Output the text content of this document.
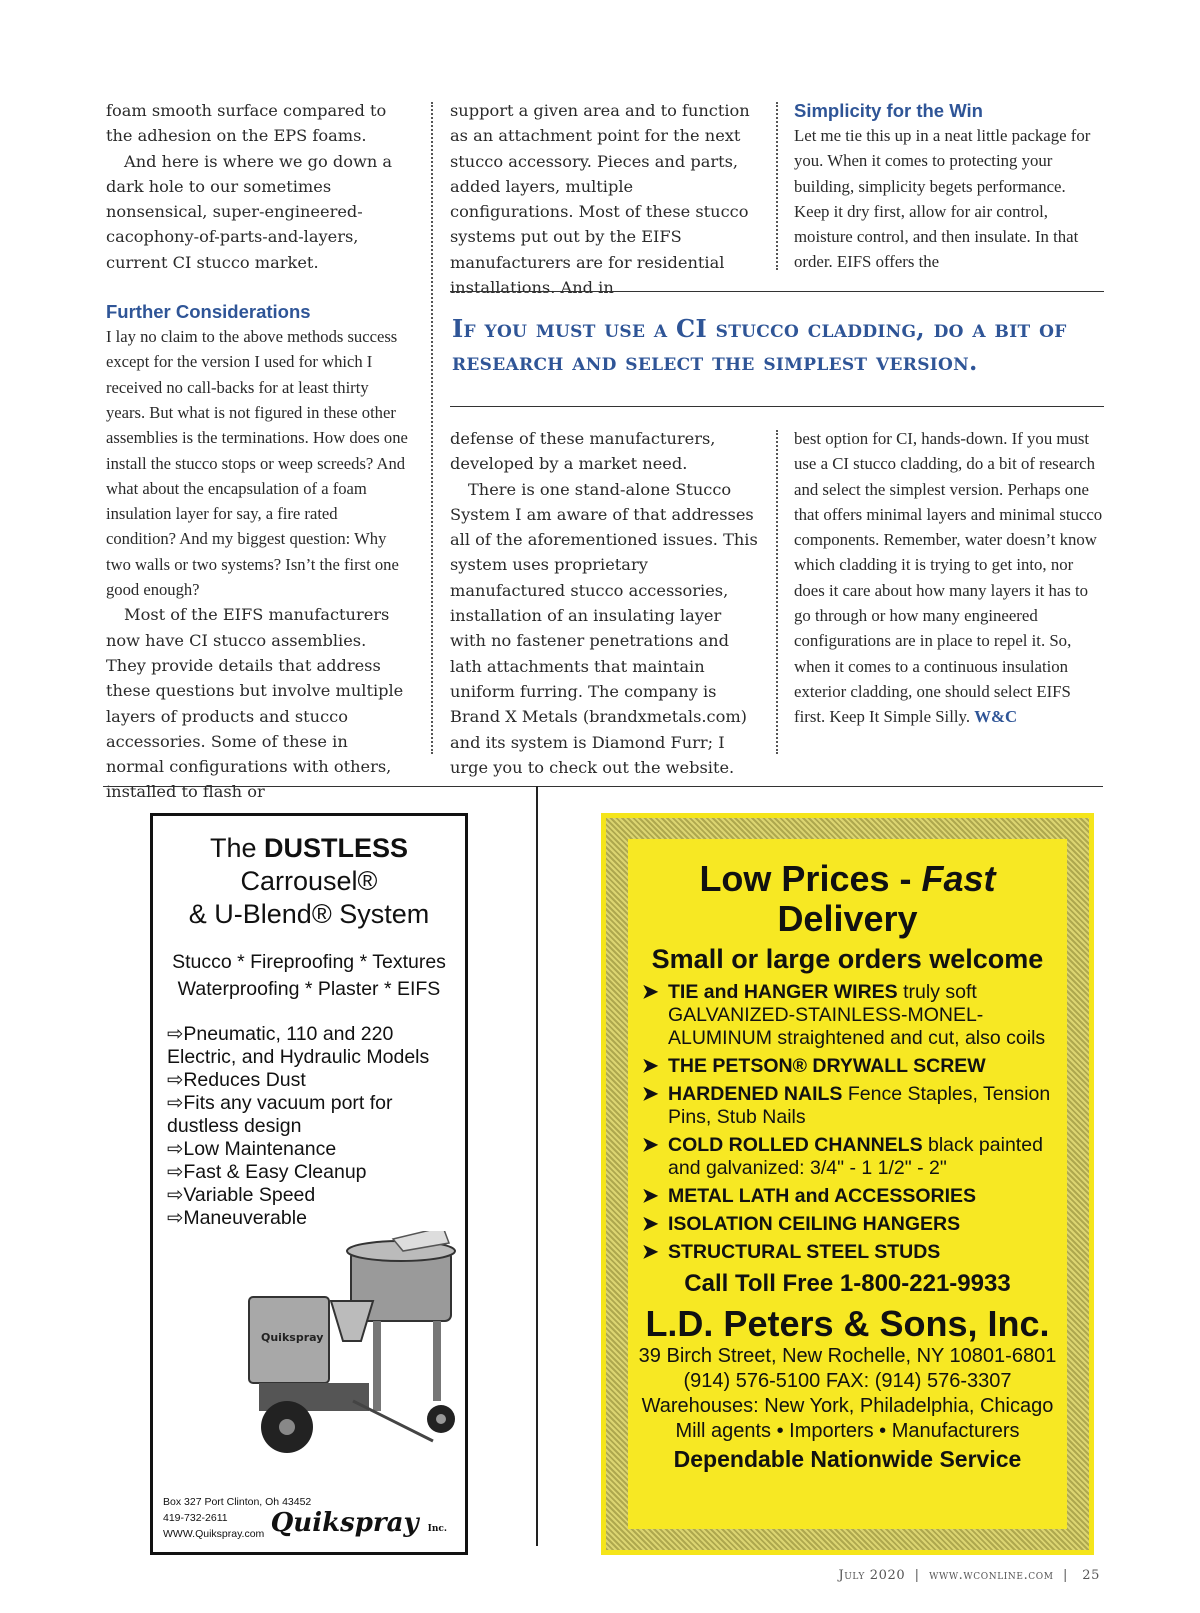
foam smooth surface compared to the adhesion on the EPS foams.

And here is where we go down a dark hole to our sometimes nonsensical, super-engineered-cacophony-of-parts-and-layers, current CI stucco market.

Further Considerations

I lay no claim to the above methods success except for the version I used for which I received no call-backs for at least thirty years. But what is not figured in these other assemblies is the terminations. How does one install the stucco stops or weep screeds? And what about the encapsulation of a foam insulation layer for say, a fire rated condition? And my biggest question: Why two walls or two systems? Isn’t the first one good enough?

Most of the EIFS manufacturers now have CI stucco assemblies. They provide details that address these questions but involve multiple layers of products and stucco accessories. Some of these in normal configurations with others, installed to flash or

support a given area and to function as an attachment point for the next stucco accessory. Pieces and parts, added layers, multiple configurations. Most of these stucco systems put out by the EIFS manufacturers are for residential installations. And in

Simplicity for the Win

Let me tie this up in a neat little package for you. When it comes to protecting your building, simplicity begets performance. Keep it dry first, allow for air control, moisture control, and then insulate. In that order. EIFS offers the

If you must use a CI stucco cladding, do a bit of research and select the simplest version.

defense of these manufacturers, developed by a market need.

There is one stand-alone Stucco System I am aware of that addresses all of the aforementioned issues. This system uses proprietary manufactured stucco accessories, installation of an insulating layer with no fastener penetrations and lath attachments that maintain uniform furring. The company is Brand X Metals (brandxmetals.com) and its system is Diamond Furr; I urge you to check out the website.

best option for CI, hands-down. If you must use a CI stucco cladding, do a bit of research and select the simplest version. Perhaps one that offers minimal layers and minimal stucco components. Remember, water doesn’t know which cladding it is trying to get into, nor does it care about how many layers it has to go through or how many engineered configurations are in place to repel it. So, when it comes to a continuous insulation exterior cladding, one should select EIFS first. Keep It Simple Silly. W&C

The DUSTLESS Carrousel®
& U-Blend® System
Stucco * Fireproofing * Textures
Waterproofing * Plaster * EIFS
⇨Pneumatic, 110 and 220 Electric, and Hydraulic Models
⇨Reduces Dust
⇨Fits any vacuum port for dustless design
⇨Low Maintenance
⇨Fast & Easy Cleanup
⇨Variable Speed
⇨Maneuverable
Quikspray
Box 327 Port Clinton, Oh 43452
419-732-2611
WWW.Quikspray.com Quikspray Inc.
Low Prices - Fast Delivery
Small or large orders welcome
➤ TIE and HANGER WIRES truly soft GALVANIZED-STAINLESS-MONEL-ALUMINUM straightened and cut, also coils
➤ THE PETSON® DRYWALL SCREW
➤ HARDENED NAILS Fence Staples, Tension Pins, Stub Nails
➤ COLD ROLLED CHANNELS black painted and galvanized: 3/4" - 1 1/2" - 2"
➤ METAL LATH and ACCESSORIES
➤ ISOLATION CEILING HANGERS
➤ STRUCTURAL STEEL STUDS
Call Toll Free 1-800-221-9933
L.D. Peters & Sons, Inc.
39 Birch Street, New Rochelle, NY 10801-6801
(914) 576-5100 FAX: (914) 576-3307
Warehouses: New York, Philadelphia, Chicago
Mill agents • Importers • Manufacturers
Dependable Nationwide Service
July 2020  |  www.wconline.com  |   25
